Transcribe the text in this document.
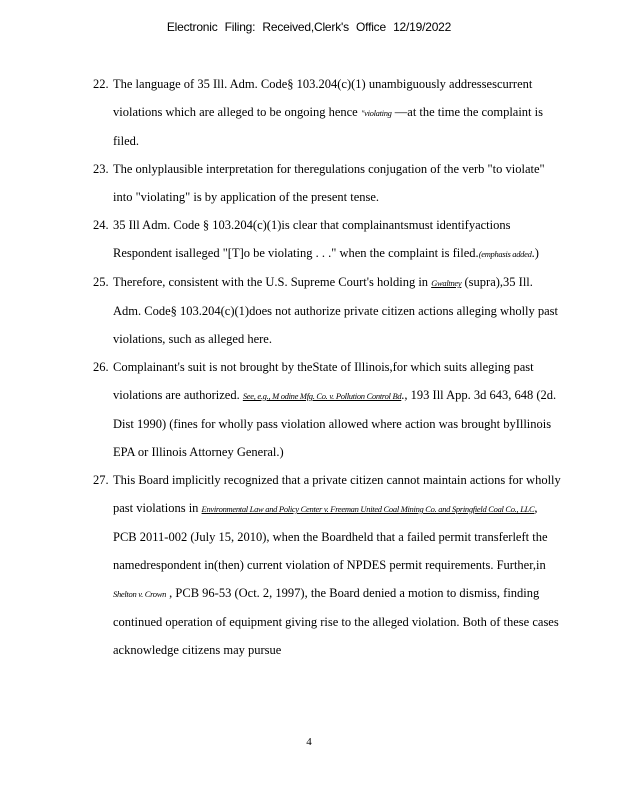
Electronic Filing: Received,Clerk's Office 12/19/2022
22. The language of 35 Ill. Adm. Code§ 103.204(c)(1) unambiguously addressescurrent violations which are alleged to be ongoing hence "violating —at the time the complaint is filed.
23. The onlyplausible interpretation for theregulations conjugation of the verb "to violate" into "violating" is by application of the present tense.
24. 35 Ill Adm. Code § 103.204(c)(1)is clear that complainantsmust identifyactions Respondent isalleged "[T]o be violating . . ." when the complaint is filed.(emphasis added.)
25. Therefore, consistent with the U.S. Supreme Court's holding in Gwaltney (supra),35 Ill. Adm. Code§ 103.204(c)(1)does not authorize private citizen actions alleging wholly past violations, such as alleged here.
26. Complainant's suit is not brought by theState of Illinois,for which suits alleging past violations are authorized. See, e.g., M odine Mfg. Co. v. Pollution Control Bd., 193 Ill App. 3d 643, 648 (2d. Dist 1990) (fines for wholly pass violation allowed where action was brought byIllinois EPA or Illinois Attorney General.)
27. This Board implicitly recognized that a private citizen cannot maintain actions for wholly past violations in Environmental Law and Policy Center v. Freeman United Coal Mining Co. and Springfield Coal Co., LLC, PCB 2011-002 (July 15, 2010), when the Boardheld that a failed permit transferleft the namedrespondent in(then) current violation of NPDES permit requirements. Further,in Shelton v. Crown , PCB 96-53 (Oct. 2, 1997), the Board denied a motion to dismiss, finding continued operation of equipment giving rise to the alleged violation. Both of these cases acknowledge citizens may pursue
4
